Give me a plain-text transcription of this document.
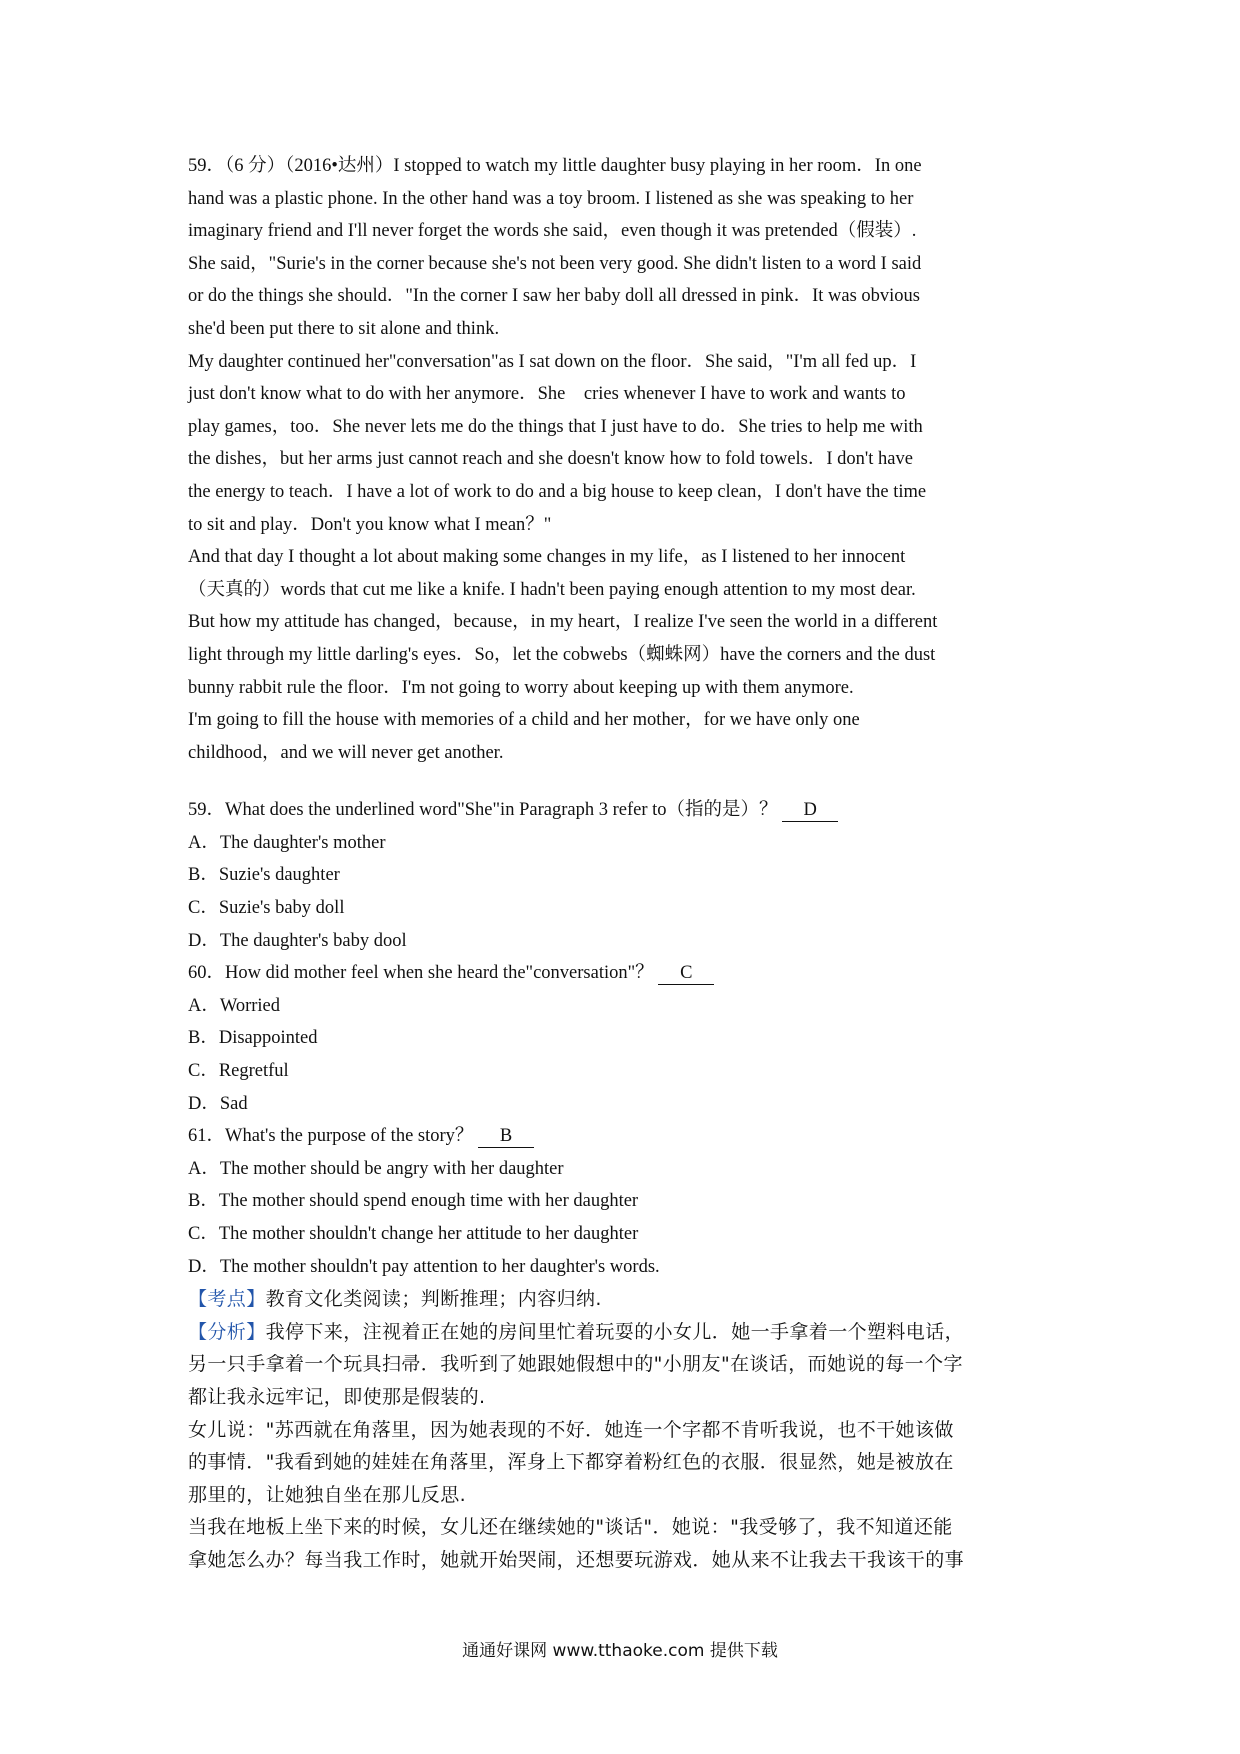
59．（6 分）（2016•达州）I stopped to watch my little daughter busy playing in her room．In one
hand was a plastic phone. In the other hand was a toy broom. I listened as she was speaking to her
imaginary friend and I'll never forget the words she said，even though it was pretended（假装）.
She said，"Surie's in the corner because she's not been very good. She didn't listen to a word I said
or do the things she should．"In the corner I saw her baby doll all dressed in pink．It was obvious
she'd been put there to sit alone and think.
My daughter continued her"conversation"as I sat down on the floor．She said，"I'm all fed up．I
just don't know what to do with her anymore．She　cries whenever I have to work and wants to
play games，too．She never lets me do the things that I just have to do．She tries to help me with
the dishes，but her arms just cannot reach and she doesn't know how to fold towels．I don't have
the energy to teach．I have a lot of work to do and a big house to keep clean，I don't have the time
to sit and play．Don't you know what I mean？"
And that day I thought a lot about making some changes in my life，as I listened to her innocent
（天真的）words that cut me like a knife. I hadn't been paying enough attention to my most dear.
But how my attitude has changed，because，in my heart，I realize I've seen the world in a different
light through my little darling's eyes．So，let the cobwebs（蜘蛛网）have the corners and the dust
bunny rabbit rule the floor．I'm not going to worry about keeping up with them anymore.
I'm going to fill the house with memories of a child and her mother，for we have only one
childhood，and we will never get another.
59．What does the underlined word"She"in Paragraph 3 refer to（指的是）？ D
A．The daughter's mother
B．Suzie's daughter
C．Suzie's baby doll
D．The daughter's baby dool
60．How did mother feel when she heard the"conversation"？ C
A．Worried
B．Disappointed
C．Regretful
D．Sad
61．What's the purpose of the story？ B
A．The mother should be angry with her daughter
B．The mother should spend enough time with her daughter
C．The mother shouldn't change her attitude to her daughter
D．The mother shouldn't pay attention to her daughter's words.
【考点】教育文化类阅读；判断推理；内容归纳.
【分析】我停下来，注视着正在她的房间里忙着玩耍的小女儿．她一手拿着一个塑料电话，
另一只手拿着一个玩具扫帚．我听到了她跟她假想中的"小朋友"在谈话，而她说的每一个字
都让我永远牢记，即使那是假装的.
女儿说："苏西就在角落里，因为她表现的不好．她连一个字都不肯听我说，也不干她该做
的事情．"我看到她的娃娃在角落里，浑身上下都穿着粉红色的衣服．很显然，她是被放在
那里的，让她独自坐在那儿反思.
当我在地板上坐下来的时候，女儿还在继续她的"谈话"．她说："我受够了，我不知道还能
拿她怎么办？每当我工作时，她就开始哭闹，还想要玩游戏．她从来不让我去干我该干的事
通通好课网 www.tthaoke.com 提供下载
